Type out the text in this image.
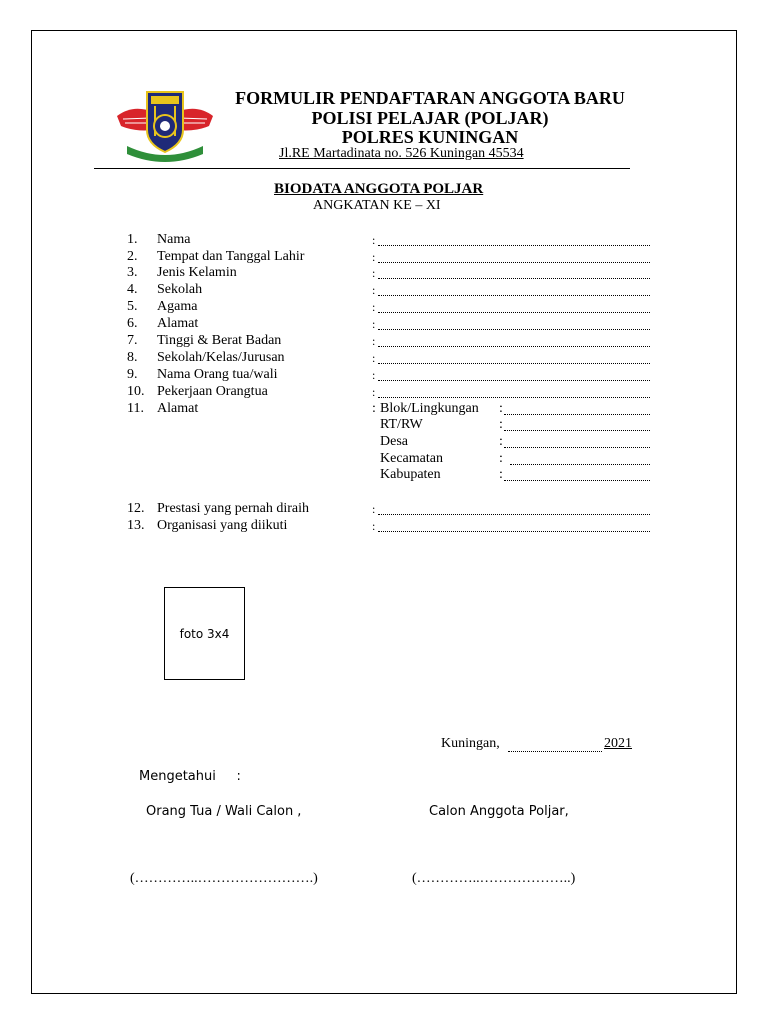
FORMULIR PENDAFTARAN ANGGOTA BARU
POLISI PELAJAR (POLJAR)
POLRES KUNINGAN
Jl.RE Martadinata no. 526 Kuningan 45534
BIODATA ANGGOTA POLJAR
ANGKATAN KE – XI
1.	Nama	:
2.	Tempat dan Tanggal Lahir	:
3.	Jenis Kelamin	:
4.	Sekolah	:
5.	Agama	:
6.	Alamat	:
7.	Tinggi & Berat Badan	:
8.	Sekolah/Kelas/Jurusan	:
9.	Nama Orang tua/wali	:
10. Pekerjaan Orangtua	:
11. Alamat	: Blok/Lingkungan :
RT/RW	:
Desa	:
Kecamatan	:
Kabupaten	:
12. Prestasi yang pernah diraih	:
13. Organisasi yang diikuti	:
foto 3x4
Kuningan,	2021
Mengetahui     :
Orang Tua / Wali Calon ,	Calon Anggota Poljar,
(…………..…………………….)	(…………..………………..)
